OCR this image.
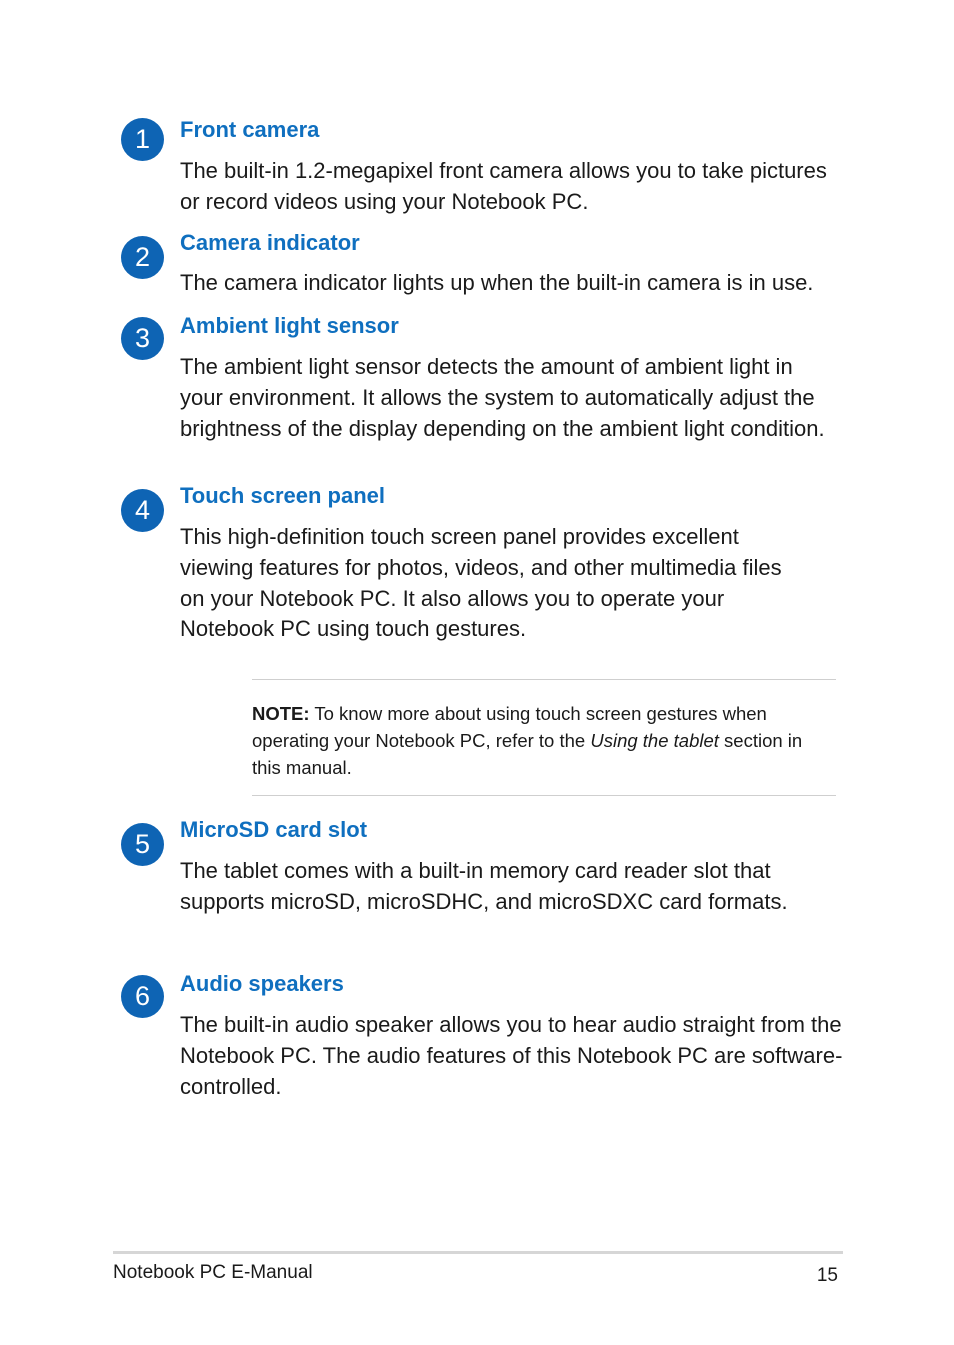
1	Front camera

The built-in 1.2-megapixel front camera allows you to take pictures or record videos using your Notebook PC.

2	Camera indicator

The camera indicator lights up when the built-in camera is in use.

3	Ambient light sensor

The ambient light sensor detects the amount of ambient light in your environment. It allows the system to automatically adjust the brightness of the display depending on the ambient light condition.

4	Touch screen panel

This high-definition touch screen panel provides excellent viewing features for photos, videos, and other multimedia files on your Notebook PC. It also allows you to operate your Notebook PC using touch gestures.

NOTE: To know more about using touch screen gestures when operating your Notebook PC, refer to the Using the tablet section in this manual.

5	MicroSD card slot

The tablet comes with a built-in memory card reader slot that supports microSD, microSDHC, and microSDXC card formats.

6	Audio speakers

The built-in audio speaker allows you to hear audio straight from the Notebook PC. The audio features of this Notebook PC are software-controlled.

Notebook PC E-Manual	15
